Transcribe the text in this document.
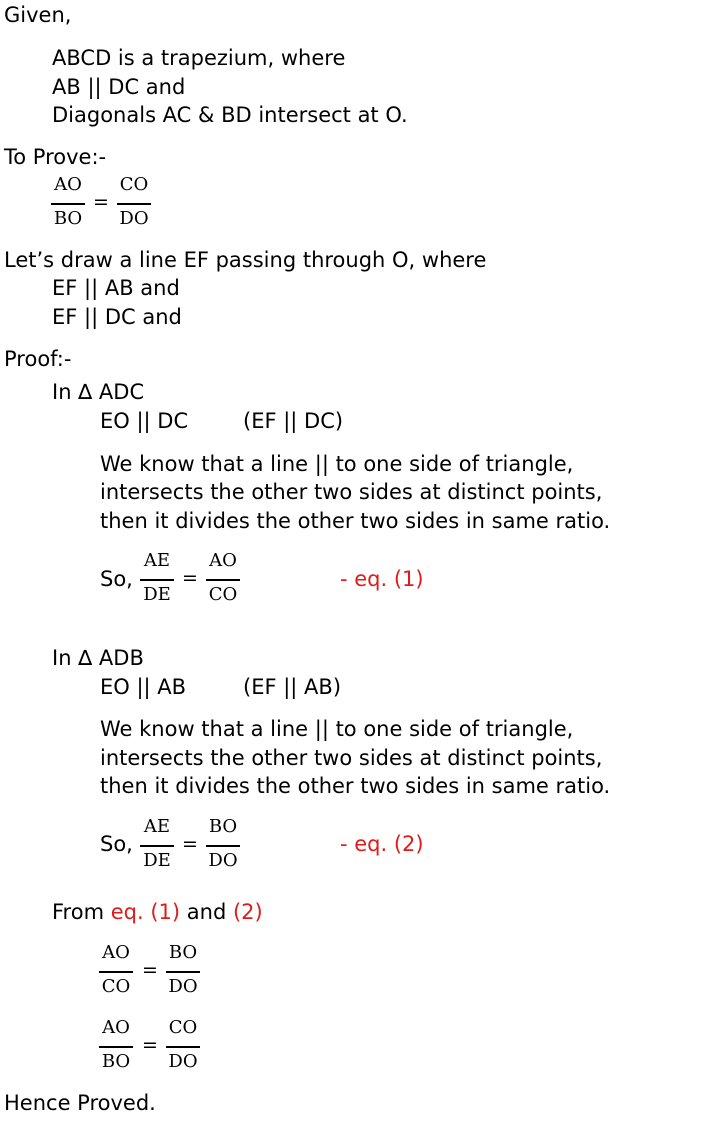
Given,
ABCD is a trapezium, where
AB || DC and
Diagonals AC & BD intersect at O.
To Prove:-
AO
BO
=
CO
DO
Let’s draw a line EF passing through O, where
EF || AB and
EF || DC and
Proof:-
In ∆ ADC
EO || DC	(EF || DC)
We know that a line || to one side of triangle,
intersects the other two sides at distinct points,
then it divides the other two sides in same ratio.
So,
AE
DE
=
AO
CO
- eq. (1)
In ∆ ADB
EO || AB	(EF || AB)
We know that a line || to one side of triangle,
intersects the other two sides at distinct points,
then it divides the other two sides in same ratio.
So,
AE
DE
=
BO
DO
- eq. (2)
From eq. (1) and (2)
AO
CO
=
BO
DO
AO
BO
=
CO
DO
Hence Proved.
